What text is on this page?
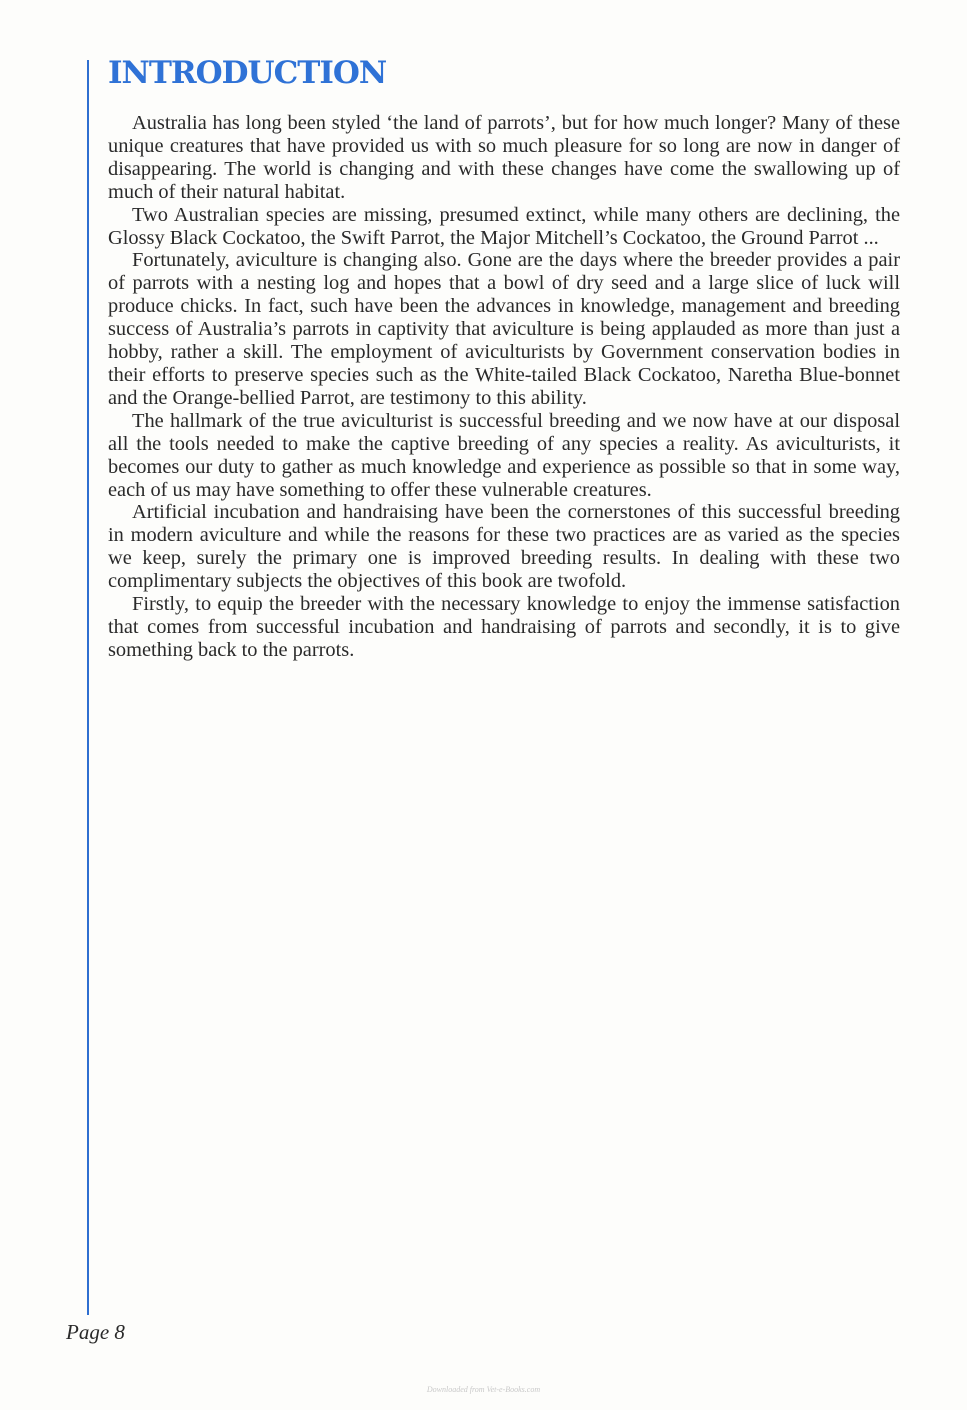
INTRODUCTION

Australia has long been styled ‘the land of parrots’, but for how much longer? Many of these unique creatures that have provided us with so much pleasure for so long are now in danger of disappearing. The world is changing and with these changes have come the swallowing up of much of their natural habitat.

Two Australian species are missing, presumed extinct, while many others are declining, the Glossy Black Cockatoo, the Swift Parrot, the Major Mitchell’s Cockatoo, the Ground Parrot ...

Fortunately, aviculture is changing also. Gone are the days where the breeder provides a pair of parrots with a nesting log and hopes that a bowl of dry seed and a large slice of luck will produce chicks. In fact, such have been the advances in knowledge, management and breeding success of Australia’s parrots in captivity that aviculture is being applauded as more than just a hobby, rather a skill. The employment of aviculturists by Government conservation bodies in their efforts to preserve species such as the White-tailed Black Cockatoo, Naretha Blue-bonnet and the Orange-bellied Parrot, are testimony to this ability.

The hallmark of the true aviculturist is successful breeding and we now have at our disposal all the tools needed to make the captive breeding of any species a reality. As aviculturists, it becomes our duty to gather as much knowledge and experience as possible so that in some way, each of us may have something to offer these vulnerable creatures.

Artificial incubation and handraising have been the cornerstones of this successful breeding in modern aviculture and while the reasons for these two practices are as varied as the species we keep, surely the primary one is improved breeding results. In dealing with these two complimentary subjects the objectives of this book are twofold.

Firstly, to equip the breeder with the necessary knowledge to enjoy the immense satisfaction that comes from successful incubation and handraising of parrots and secondly, it is to give something back to the parrots.

Page 8
Downloaded from Vet-e-Books.com
